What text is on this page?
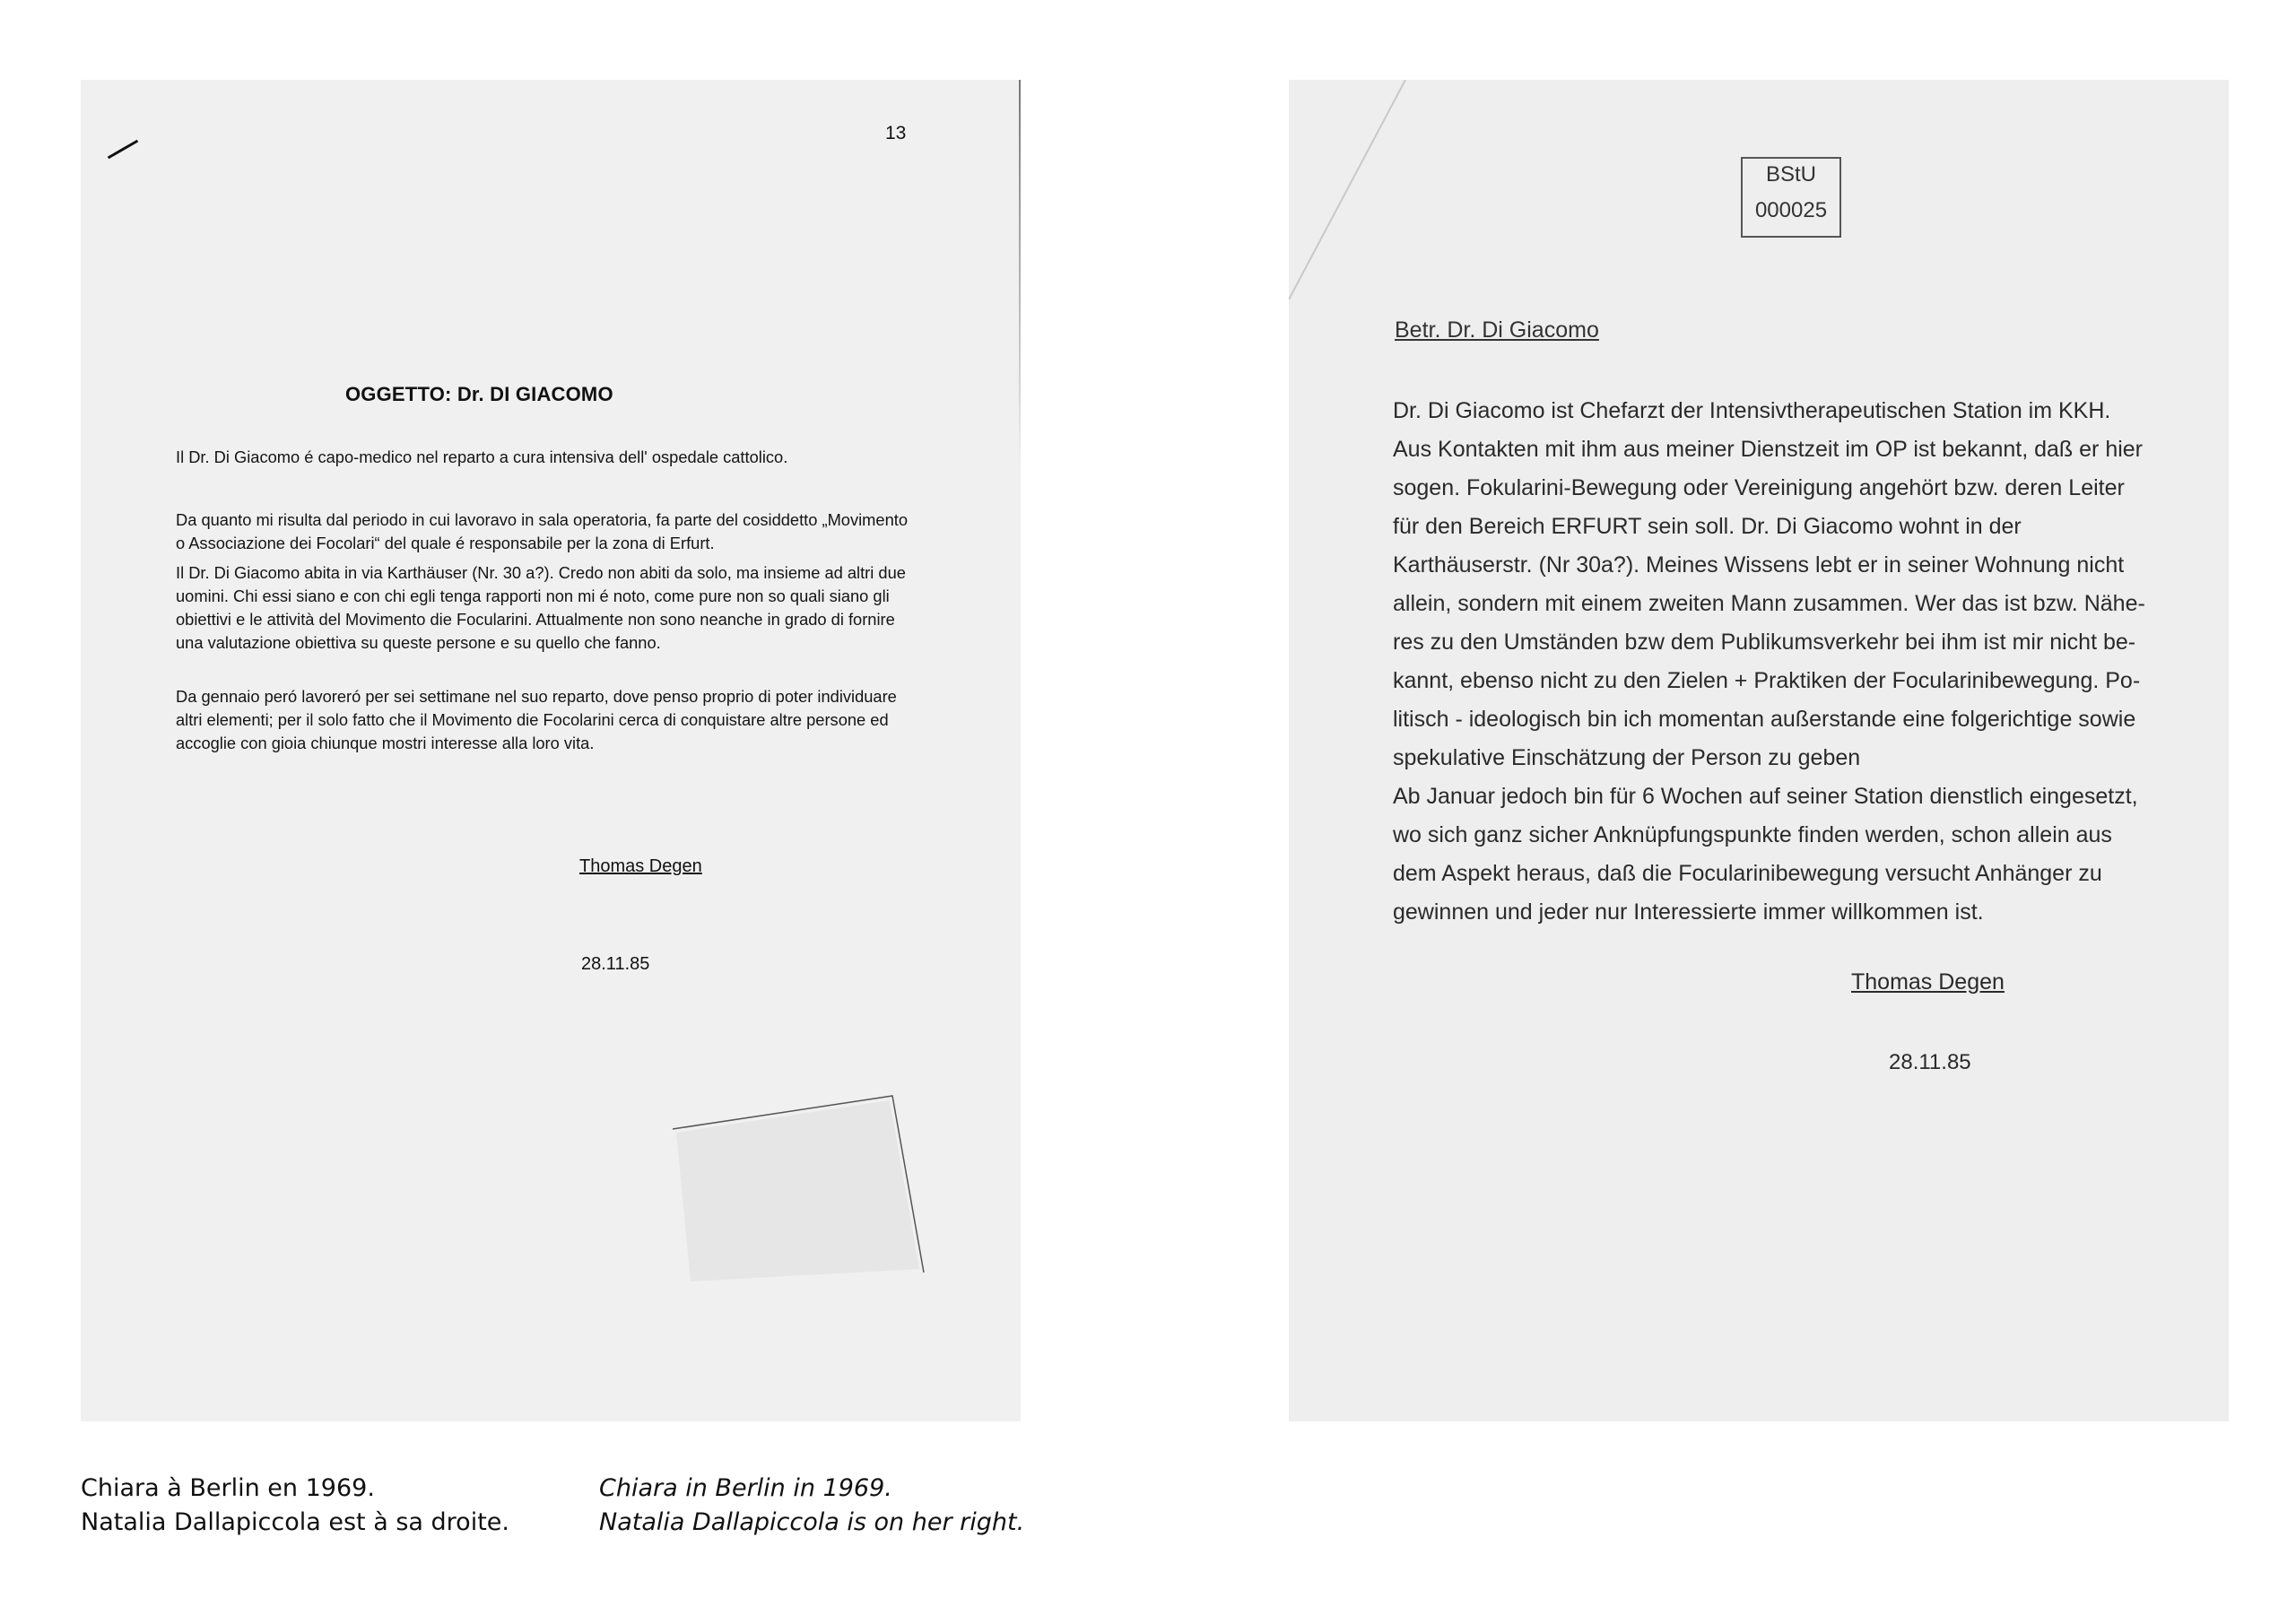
13
OGGETTO: Dr. DI GIACOMO

Il Dr. Di Giacomo é capo-medico nel reparto a cura intensiva dell' ospedale cattolico.

Da quanto mi risulta dal periodo in cui lavoravo in sala operatoria, fa parte del cosiddetto „Movimento o Associazione dei Focolari“ del quale é responsabile per la zona di Erfurt.

Il Dr. Di Giacomo abita in via Karthäuser (Nr. 30 a?). Credo non abiti da solo, ma insieme ad altri due uomini. Chi essi siano e con chi egli tenga rapporti non mi é noto, come pure non so quali siano gli obiettivi e le attività del Movimento die Focularini. Attualmente non sono neanche in grado di fornire una valutazione obiettiva su queste persone e su quello che fanno.

Da gennaio peró lavoreró per sei settimane nel suo reparto, dove penso proprio di poter individuare altri elementi; per il solo fatto che il Movimento die Focolarini cerca di conquistare altre persone ed accoglie con gioia chiunque mostri interesse alla loro vita.

Thomas Degen
28.11.85
BStU
000025
Betr. Dr. Di Giacomo

Dr. Di Giacomo ist Chefarzt der Intensivtherapeutischen Station im KKH.
Aus Kontakten mit ihm aus meiner Dienstzeit im OP ist bekannt, daß er hier
sogen. Fokularini-Bewegung oder Vereinigung angehört bzw. deren Leiter
für den Bereich ERFURT sein soll. Dr. Di Giacomo wohnt in der
Karthäuserstr. (Nr 30a?). Meines Wissens lebt er in seiner Wohnung nicht
allein, sondern mit einem zweiten Mann zusammen. Wer das ist bzw. Nähe-
res zu den Umständen bzw dem Publikumsverkehr bei ihm ist mir nicht be-
kannt, ebenso nicht zu den Zielen + Praktiken der Focularinibewegung. Po-
litisch - ideologisch bin ich momentan außerstande eine folgerichtige sowie
spekulative Einschätzung der Person zu geben
Ab Januar jedoch bin für 6 Wochen auf seiner Station dienstlich eingesetzt,
wo sich ganz sicher Anknüpfungspunkte finden werden, schon allein aus
dem Aspekt heraus, daß die Focularinibewegung versucht Anhänger zu
gewinnen und jeder nur Interessierte immer willkommen ist.

Thomas Degen
28.11.85
Chiara à Berlin en 1969.
Natalia Dallapiccola est à sa droite.
Chiara in Berlin in 1969.
Natalia Dallapiccola is on her right.
